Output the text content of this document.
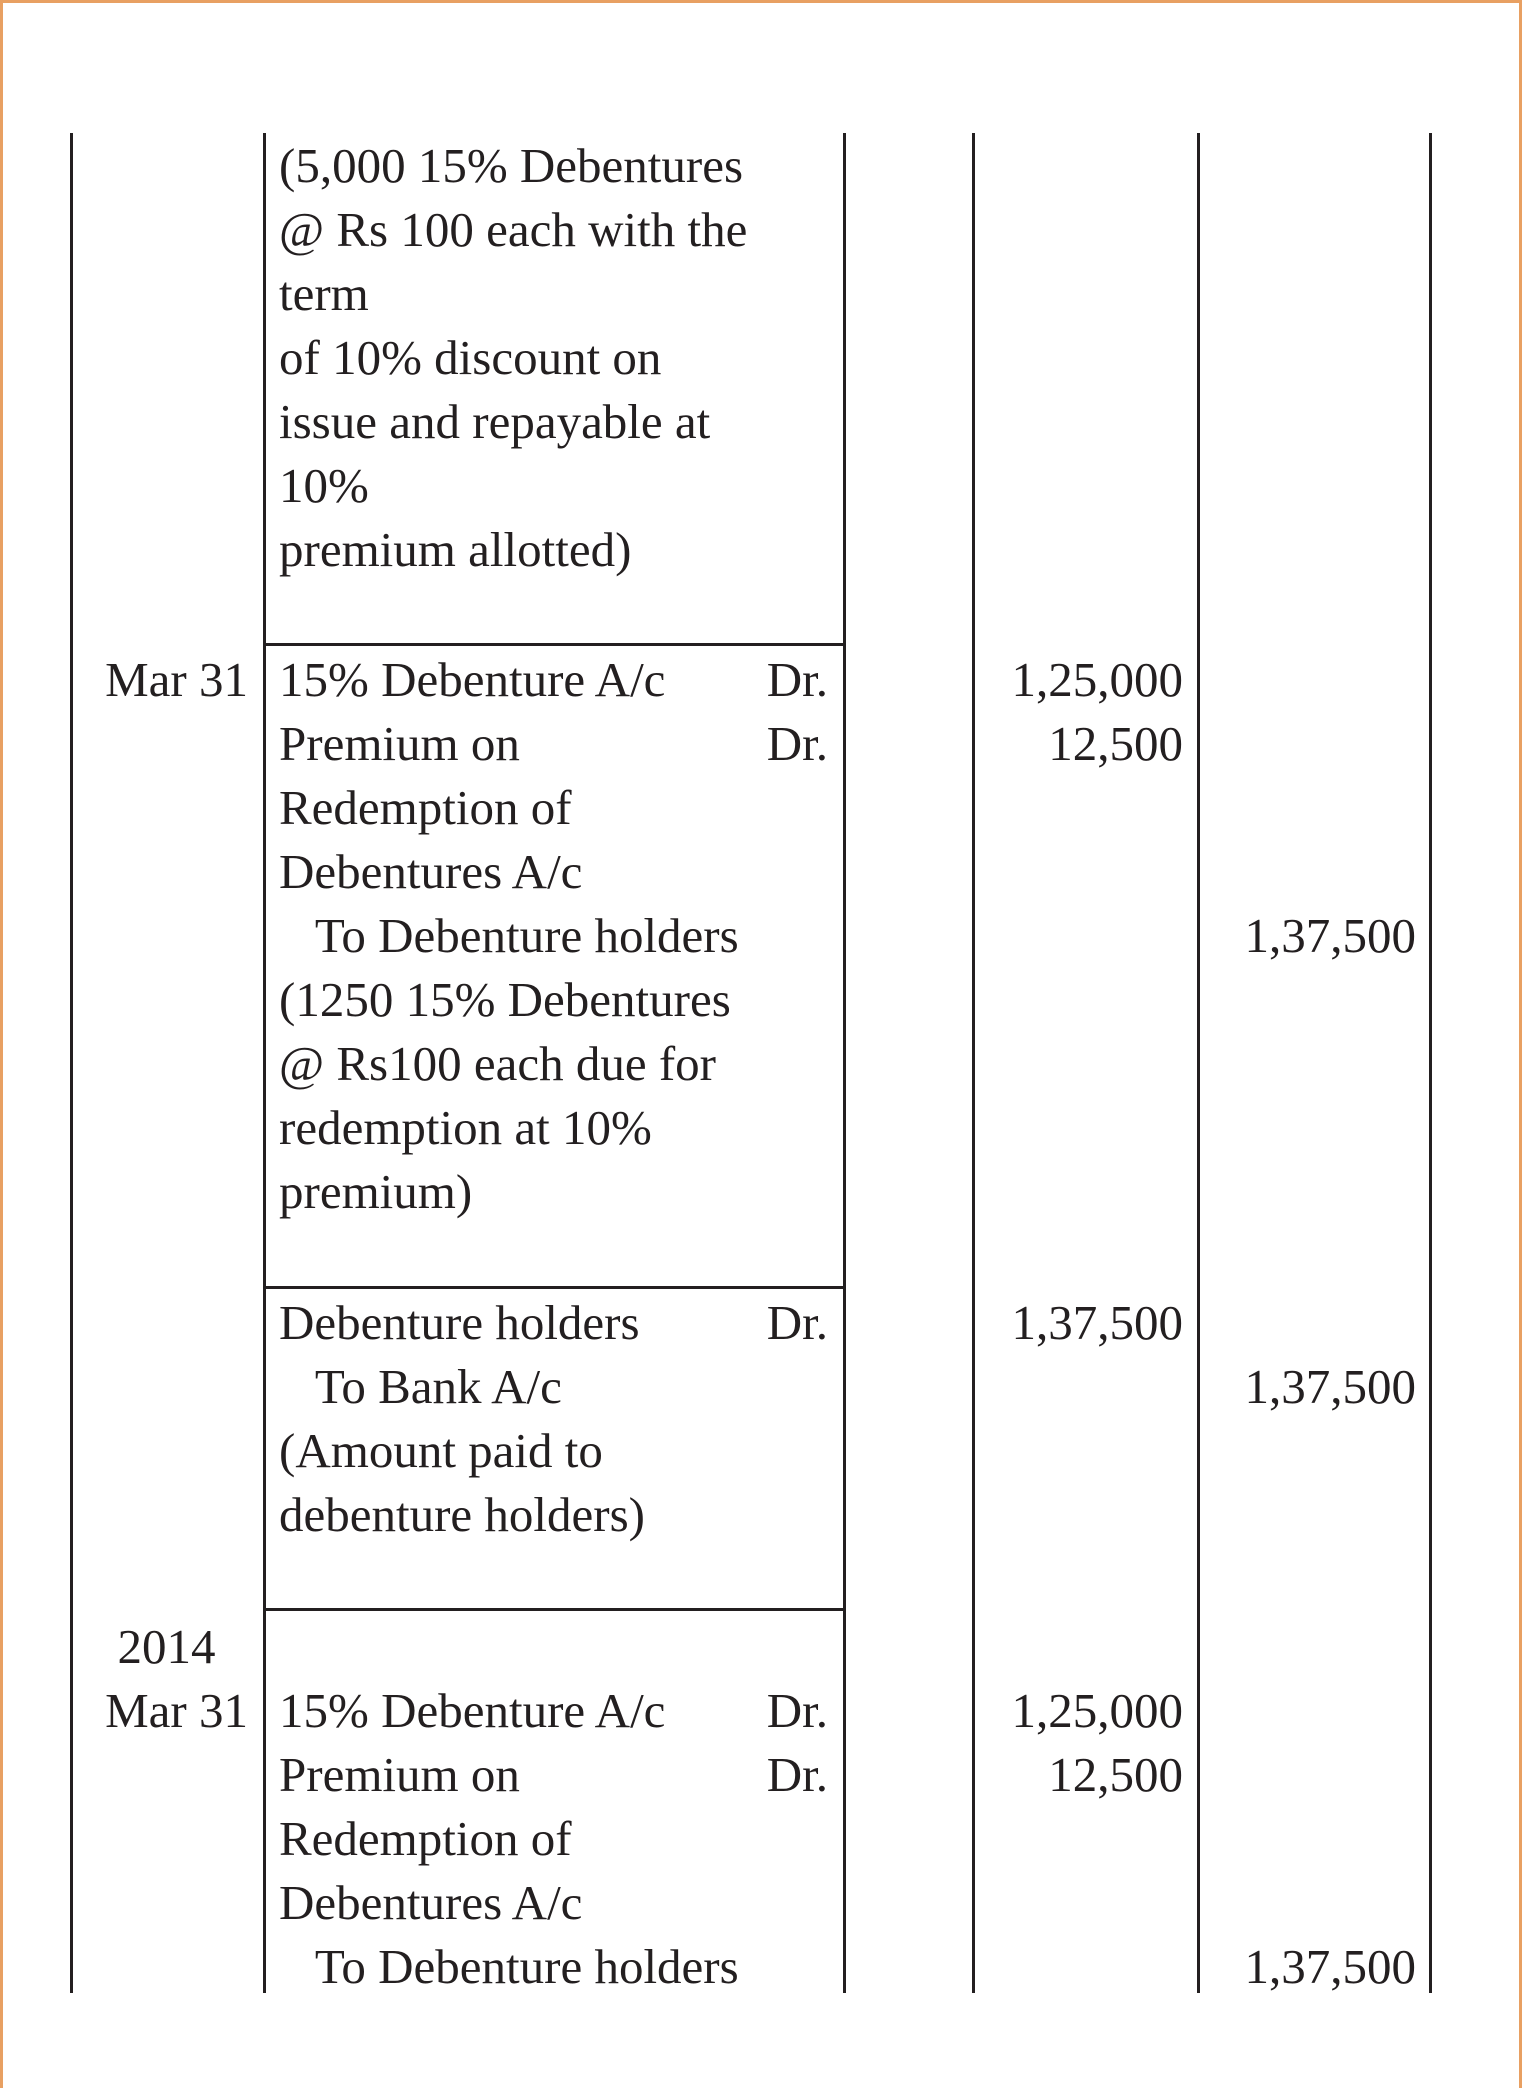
(5,000 15% Debentures
@ Rs 100 each with the
term
of 10% discount on
issue and repayable at
10%
premium allotted)
Mar 31 15% Debenture A/c
Premium on
Redemption of
Debentures A/c
To Debenture holders
(1250 15% Debentures
@ Rs100 each due for
redemption at 10%
premium)
Dr.
Dr.
1,25,000
12,500
1,37,500
Debenture holders
To Bank A/c
(Amount paid to
debenture holders)
Dr.	1,37,500
1,37,500
2014
Mar 31 15% Debenture A/c
Premium on
Redemption of
Debentures A/c
To Debenture holders
Dr.
Dr.
1,25,000
12,500
1,37,500
